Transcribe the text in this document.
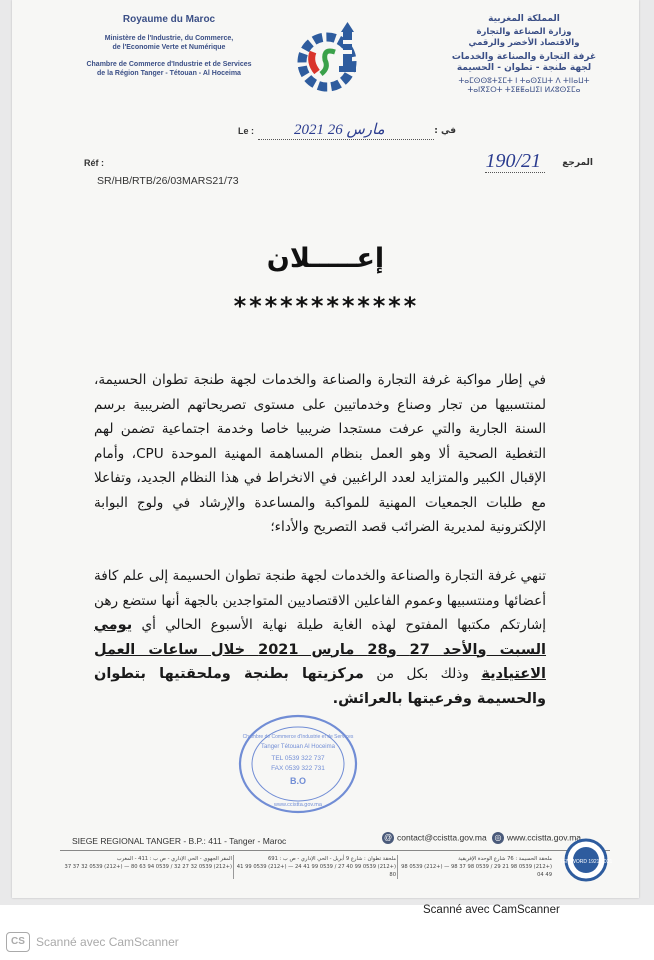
Royaume du Maroc
Ministère de l'Industrie, du Commerce,
de l'Economie Verte et Numérique
Chambre de Commerce d'Industrie et de Services
de la Région Tanger - Tétouan - Al Hoceima
المملكة المغربية
وزارة الصناعة والتجارة
والاقتصاد الأخضر والرقمي
غرفة التجارة والصناعة والخدمات
لجهة طنجة - تطوان - الحسيمة
ⵜⴰⵎⵙⵙⵓⵜⵉⵎⵜ ⵏ ⵜⴰⵙⵉⵡⵜ ⴷ ⵜⵏⵏⴰⵡⵜ
ⵜⴰⵏⴳⵉⵔⵜ ⵜⵉⵟⵟⴰⵡⵉⵏ ⵍⵃⵓⵙⵉⵎⴰ
Le :	2021 مارس 26	: في
Réf :
SR/HB/RTB/26/03MARS21/73
190/21 المرجع
إعـــــلان
************
في إطار مواكبة غرفة التجارة والصناعة والخدمات لجهة طنجة تطوان الحسيمة، لمنتسبيها من تجار وصناع وخدماتيين على مستوى تصريحاتهم الضريبية برسم السنة الجارية والتي عرفت مستجدا ضريبيا خاصا وخدمة اجتماعية تضمن لهم التغطية الصحية ألا وهو العمل بنظام المساهمة المهنية الموحدة CPU، وأمام الإقبال الكبير والمتزايد لعدد الراغبين في الانخراط في هذا النظام الجديد، وتفاعلا مع طلبات الجمعيات المهنية للمواكبة والمساعدة والإرشاد في ولوج البوابة الإلكترونية لمديرية الضرائب قصد التصريح والأداء؛
تنهي غرفة التجارة والصناعة والخدمات لجهة طنجة تطوان الحسيمة إلى علم كافة أعضائها ومنتسبيها وعموم الفاعلين الاقتصاديين المتواجدين بالجهة أنها ستضع رهن إشارتكم مكتبها المفتوح لهذه الغاية طيلة نهاية الأسبوع الحالي أي يومي السبت والأحد 27 و28 مارس 2021 خلال ساعات العمل الاعتيادية وذلك بكل من مركزيتها بطنجة وملحقتيها بتطوان والحسيمة وفرعيتها بالعرائش.
Chambre de Commerce d'Industrie et de Services
Tanger Tétouan Al Hoceima
TEL 0539 322 737
FAX 0539 322 731
B.O
www.ccistta.gov.ma
SIEGE REGIONAL TANGER - B.P.: 411 - Tanger - Maroc	@ contact@ccistta.gov.ma ◎ www.ccistta.gov.ma
ملحقة الحسيمة : 76 شارع الوحدة الإفريقية
(+212) 0539 98 21 29 / 0539 98 37 98 — (+212) 0539 98 49 04
ملحقة تطوان : شارع 9 أبريل - الحي الإداري - ص ب : 691
(+212) 0539 99 40 27 / 0539 99 41 24 — (+212) 0539 99 41 80
المقر الجهوي - الحي الإداري - ص ب : 411 - المغرب
(+212) 0539 32 27 32 / 0539 94 63 80 — (+212) 0539 32 37 37
TEN WORD 1921-2021
Scanné avec CamScanner
CS Scanné avec CamScanner
